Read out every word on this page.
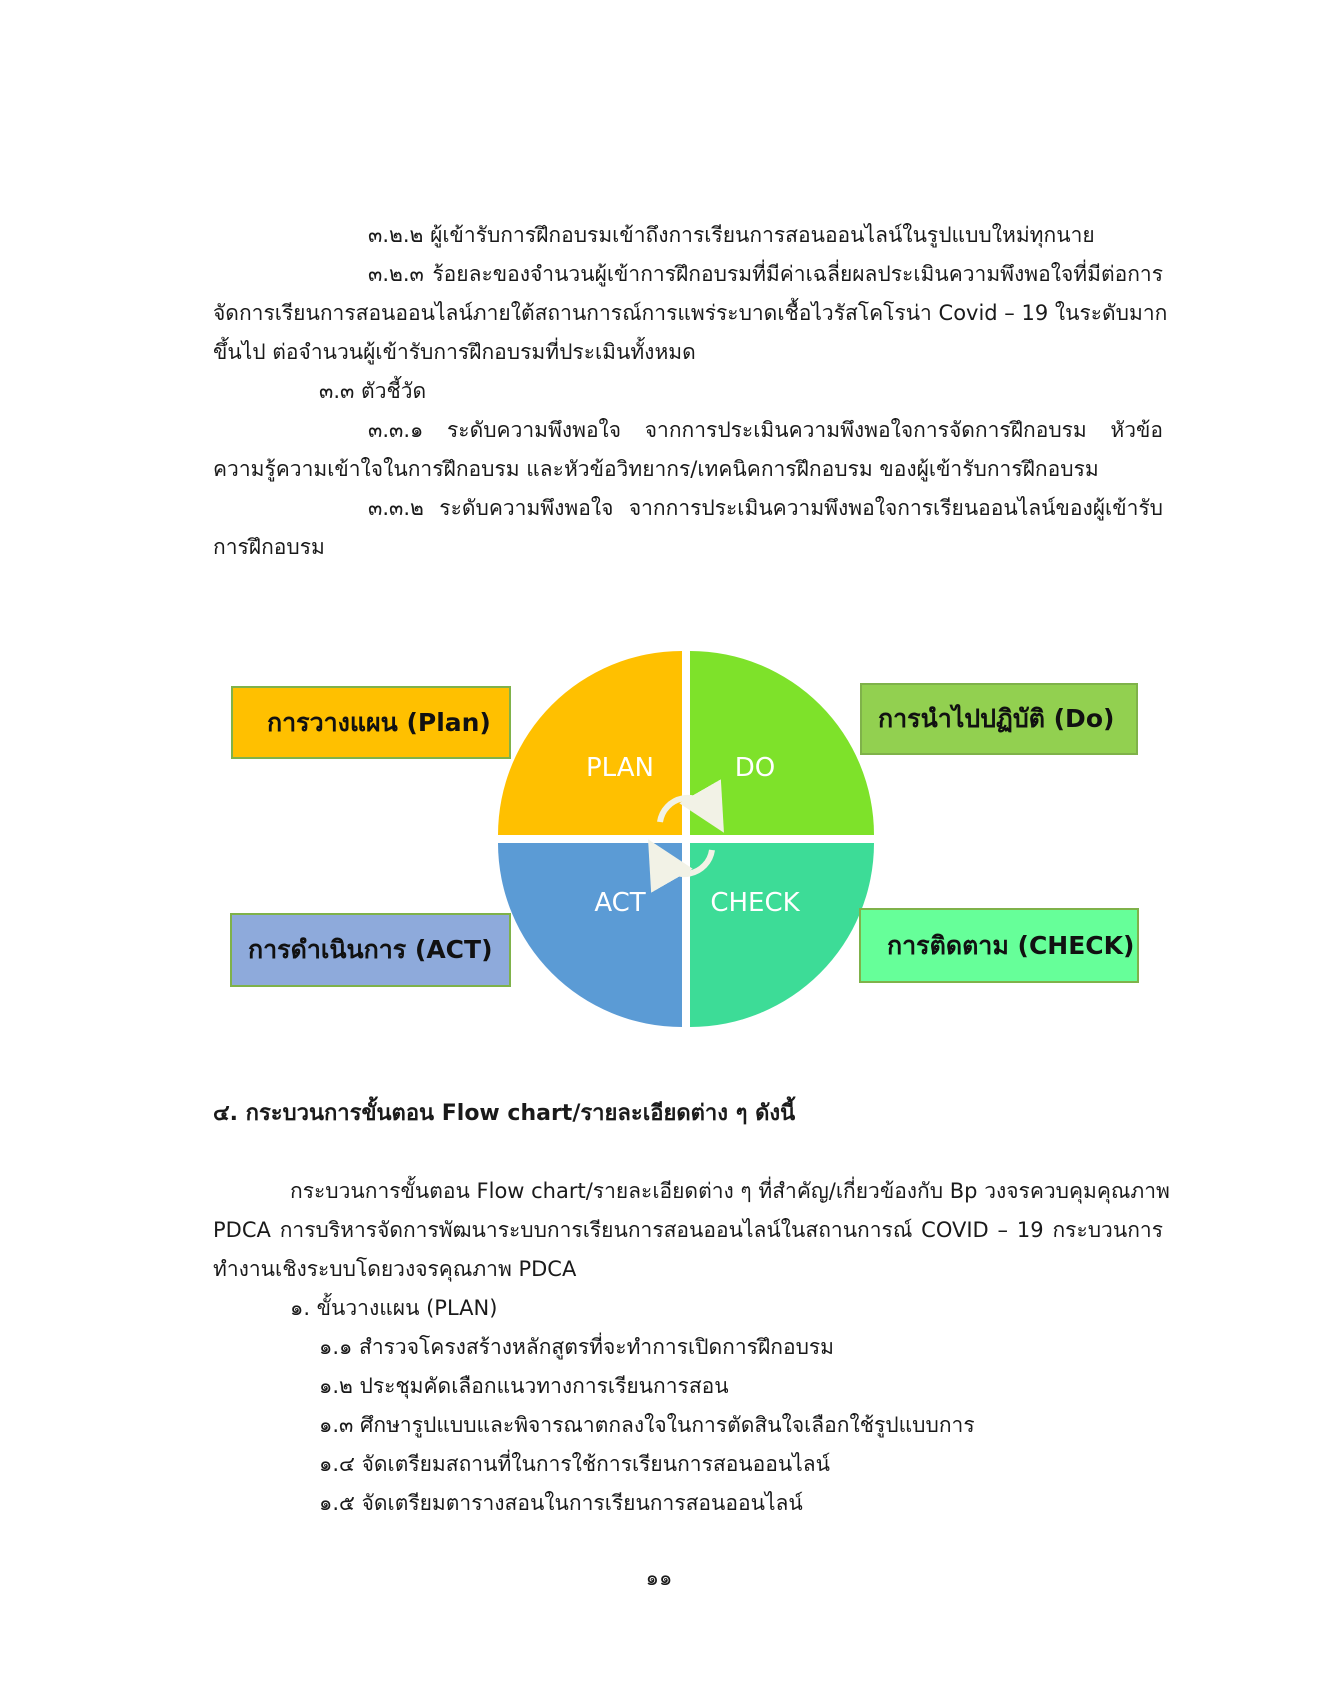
๓.๒.๒ ผู้เข้ารับการฝึกอบรมเข้าถึงการเรียนการสอนออนไลน์ในรูปแบบใหม่ทุกนาย
๓.๒.๓ ร้อยละของจำนวนผู้เข้าการฝึกอบรมที่มีค่าเฉลี่ยผลประเมินความพึงพอใจที่มีต่อการ
จัดการเรียนการสอนออนไลน์ภายใต้สถานการณ์การแพร่ระบาดเชื้อไวรัสโคโรน่า Covid – 19 ในระดับมาก
ขึ้นไป ต่อจำนวนผู้เข้ารับการฝึกอบรมที่ประเมินทั้งหมด
๓.๓ ตัวชี้วัด
๓.๓.๑ ระดับความพึงพอใจ จากการประเมินความพึงพอใจการจัดการฝึกอบรม หัวข้อ
ความรู้ความเข้าใจในการฝึกอบรม และหัวข้อวิทยากร/เทคนิคการฝึกอบรม ของผู้เข้ารับการฝึกอบรม
๓.๓.๒ ระดับความพึงพอใจ จากการประเมินความพึงพอใจการเรียนออนไลน์ของผู้เข้ารับ
การฝึกอบรม
PLAN	DO
ACT CHECK
การวางแผน (Plan)	การนำไปปฏิบัติ (Do)
การดำเนินการ (ACT)	การติดตาม (CHECK)
๔. กระบวนการขั้นตอน Flow chart/รายละเอียดต่าง ๆ ดังนี้
กระบวนการขั้นตอน Flow chart/รายละเอียดต่าง ๆ ที่สำคัญ/เกี่ยวข้องกับ Bp วงจรควบคุมคุณภาพ
PDCA การบริหารจัดการพัฒนาระบบการเรียนการสอนออนไลน์ในสถานการณ์ COVID – 19 กระบวนการ
ทำงานเชิงระบบโดยวงจรคุณภาพ PDCA
๑. ขั้นวางแผน (PLAN)
๑.๑ สำรวจโครงสร้างหลักสูตรที่จะทำการเปิดการฝึกอบรม
๑.๒ ประชุมคัดเลือกแนวทางการเรียนการสอน
๑.๓ ศึกษารูปแบบและพิจารณาตกลงใจในการตัดสินใจเลือกใช้รูปแบบการ
๑.๔ จัดเตรียมสถานที่ในการใช้การเรียนการสอนออนไลน์
๑.๕ จัดเตรียมตารางสอนในการเรียนการสอนออนไลน์
๑๑
